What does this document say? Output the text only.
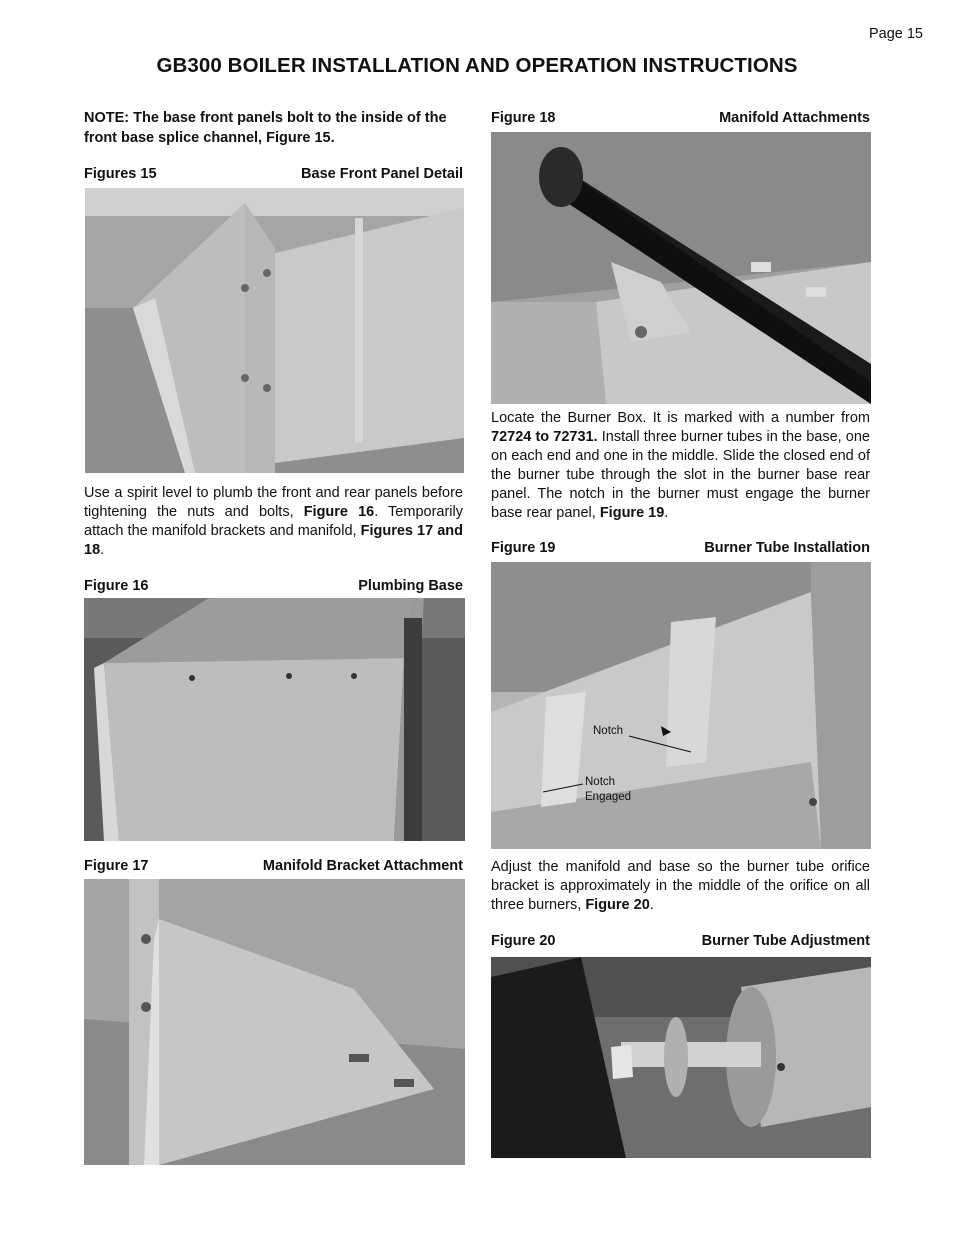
Page 15
GB300 BOILER INSTALLATION AND OPERATION INSTRUCTIONS
NOTE: The base front panels bolt to the inside of the front base splice channel, Figure 15.
Figures 15	Base Front Panel Detail
Use a spirit level to plumb the front and rear panels before tightening the nuts and bolts, Figure 16. Temporarily attach the manifold brackets and manifold, Figures 17 and 18.
Figure 16	Plumbing Base
Figure 17	Manifold Bracket Attachment
Figure 18	Manifold Attachments
Locate the Burner Box. It is marked with a number from 72724 to 72731. Install three burner tubes in the base, one on each end and one in the middle. Slide the closed end of the burner tube through the slot in the burner base rear panel. The notch in the burner must engage the burner base rear panel, Figure 19.
Figure 19	Burner Tube Installation
Notch
Notch
Engaged
Adjust the manifold and base so the burner tube orifice bracket is approximately in the middle of the orifice on all three burners, Figure 20.
Figure 20	Burner Tube Adjustment
